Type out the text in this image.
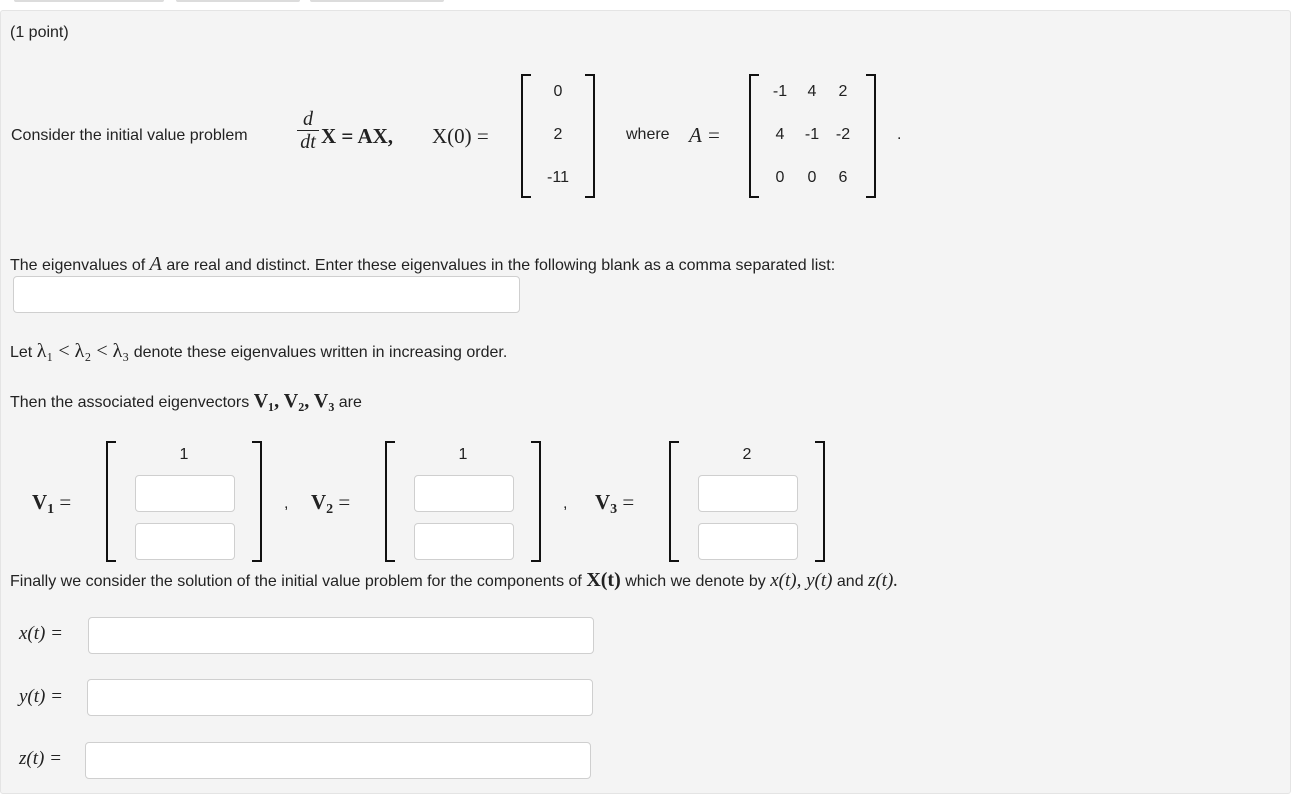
(1 point)
Consider the initial value problem
d
dt X = AX, X(0) =
0
2
-11
where A =
-1	4	2
4	-1	-2
0	0	6
.
The eigenvalues of A are real and distinct. Enter these eigenvalues in the following blank as a comma separated list:
Let λ₁ < λ₂ < λ₃ denote these eigenvalues written in increasing order.
Then the associated eigenvectors V₁, V₂, V₃ are
$V_1$ =
1
, $V_2$ =
1
, $V_3$ =
2
Finally we consider the solution of the initial value problem for the components of X(t) which we denote by x(t), y(t) and z(t).
x(t) =
y(t) =
z(t) =
